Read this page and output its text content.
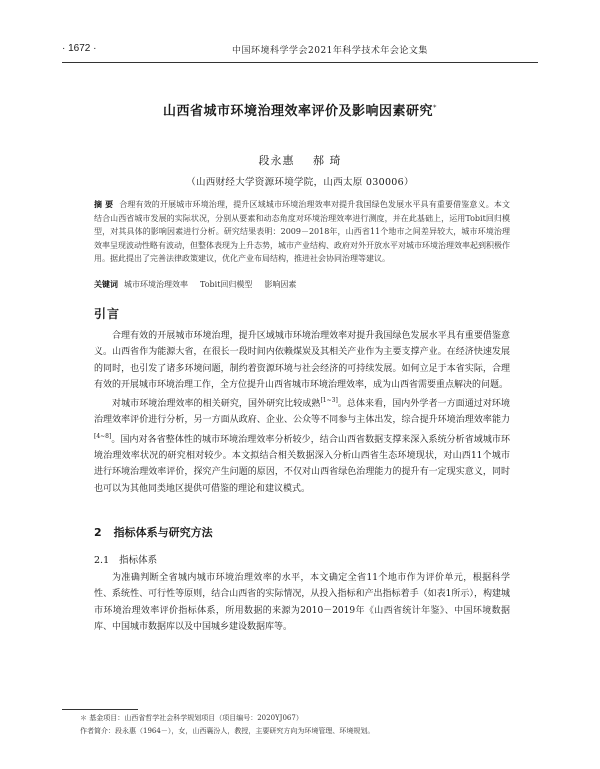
· 1672 ·	中国环境科学学会2021年科学技术年会论文集
山西省城市环境治理效率评价及影响因素研究*
段永惠 郝 琦
（山西财经大学资源环境学院，山西太原 030006）
摘 要 合理有效的开展城市环境治理，提升区域城市环境治理效率对提升我国绿色发展水平具有重要借鉴意义。本文结合山西省城市发展的实际状况，分别从要素和动态角度对环境治理效率进行测度，并在此基础上，运用Tobit回归模型，对其具体的影响因素进行分析。研究结果表明：2009－2018年，山西省11个地市之间差异较大，城市环境治理效率呈现波动性略有波动，但整体表现为上升态势，城市产业结构、政府对外开放水平对城市环境治理效率起到积极作用。据此提出了完善法律政策建议，优化产业布局结构，推进社会协同治理等建议。
关键词 城市环境治理效率 Tobit回归模型 影响因素
引言

合理有效的开展城市环境治理，提升区域城市环境治理效率对提升我国绿色发展水平具有重要借鉴意义。山西省作为能源大省，在很长一段时间内依赖煤炭及其相关产业作为主要支撑产业。在经济快速发展的同时，也引发了诸多环境问题，制约着资源环境与社会经济的可持续发展。如何立足于本省实际，合理有效的开展城市环境治理工作，全方位提升山西省城市环境治理效率，成为山西省需要重点解决的问题。

对城市环境治理效率的相关研究，国外研究比较成熟[1~3]。总体来看，国内外学者一方面通过对环境治理效率评价进行分析，另一方面从政府、企业、公众等不同参与主体出发，综合提升环境治理效率能力[4~8]。国内对各省整体性的城市环境治理效率分析较少，结合山西省数据支撑来深入系统分析省域城市环境治理效率状况的研究相对较少。本文拟结合相关数据深入分析山西省生态环境现状，对山西11个城市进行环境治理效率评价，探究产生问题的原因，不仅对山西省绿色治理能力的提升有一定现实意义，同时也可以为其他同类地区提供可借鉴的理论和建议模式。

2 指标体系与研究方法
2.1 指标体系

为准确判断全省城内城市环境治理效率的水平，本文确定全省11个地市作为评价单元，根据科学性、系统性、可行性等原则，结合山西省的实际情况，从投入指标和产出指标着手（如表1所示），构建城市环境治理效率评价指标体系，所用数据的来源为2010－2019年《山西省统计年鉴》、中国环境数据库、中国城市数据库以及中国城乡建设数据库等。

＊ 基金项目：山西省哲学社会科学规划项目（项目编号：2020YJ067）
作者简介：段永惠（1964－），女，山西襄汾人，教授，主要研究方向为环境管理、环境规划。
